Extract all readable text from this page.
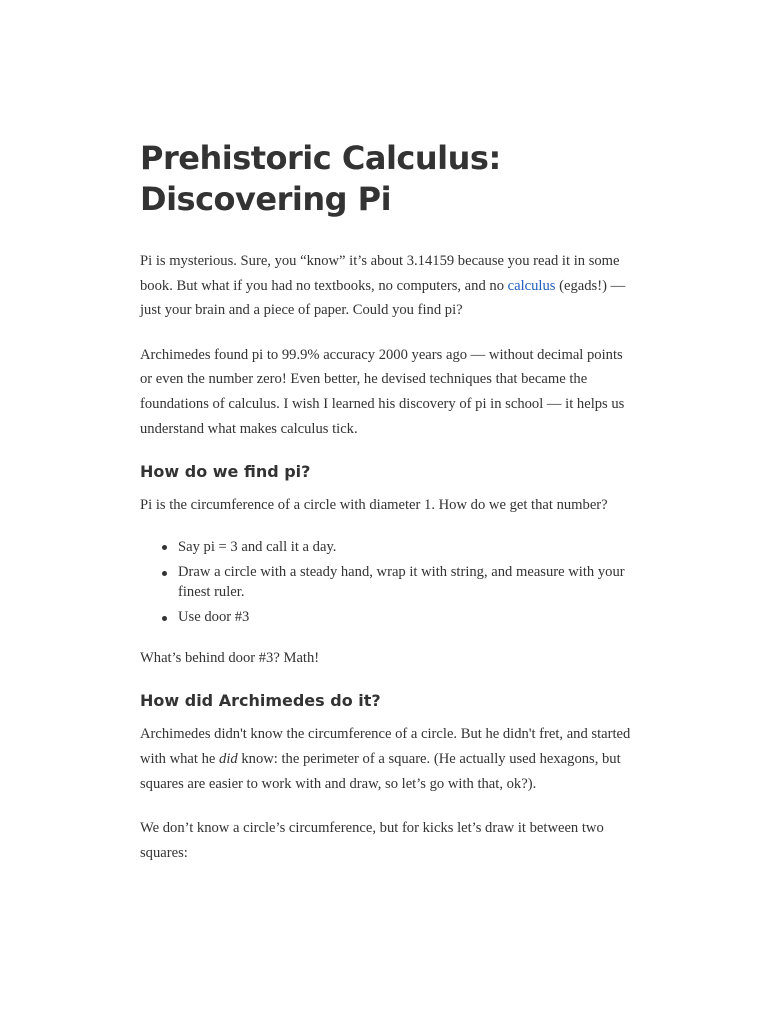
Prehistoric Calculus:
Discovering Pi

Pi is mysterious. Sure, you “know” it’s about 3.14159 because you read it in some book. But what if you had no textbooks, no computers, and no calculus (egads!) — just your brain and a piece of paper. Could you find pi?

Archimedes found pi to 99.9% accuracy 2000 years ago — without decimal points or even the number zero! Even better, he devised techniques that became the foundations of calculus. I wish I learned his discovery of pi in school — it helps us understand what makes calculus tick.

How do we find pi?

Pi is the circumference of a circle with diameter 1. How do we get that number?

Say pi = 3 and call it a day.
Draw a circle with a steady hand, wrap it with string, and measure with your finest ruler.
Use door #3

What’s behind door #3? Math!

How did Archimedes do it?

Archimedes didn't know the circumference of a circle. But he didn't fret, and started with what he did know: the perimeter of a square. (He actually used hexagons, but squares are easier to work with and draw, so let’s go with that, ok?).

We don’t know a circle’s circumference, but for kicks let’s draw it between two squares:
